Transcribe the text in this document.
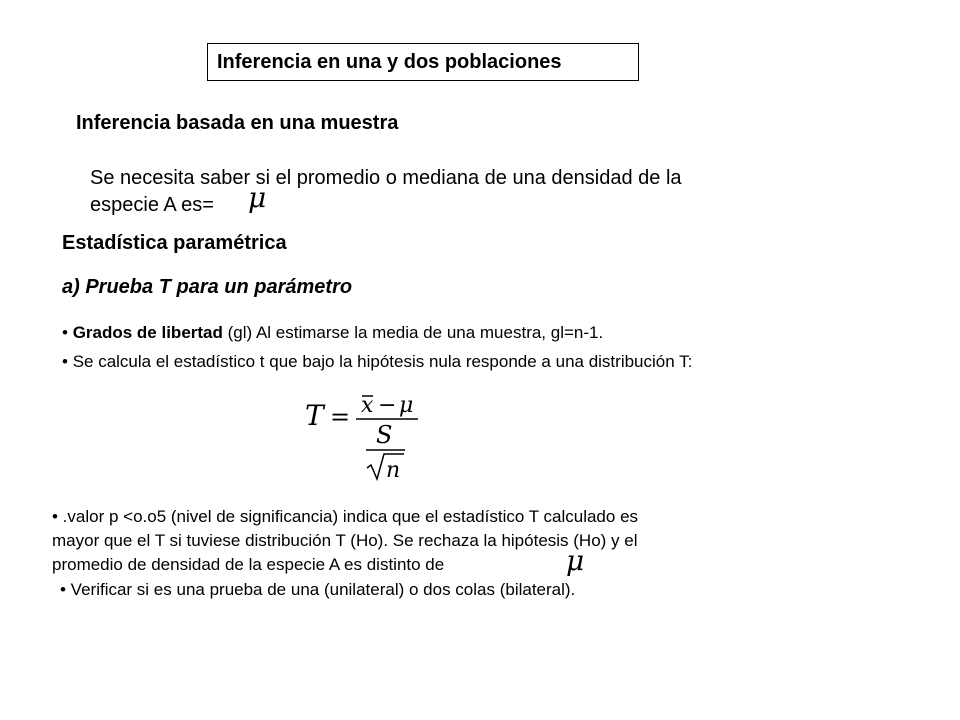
Inferencia en una y dos poblaciones
Inferencia basada en una muestra
Se necesita saber si el promedio o mediana de una densidad de la
especie A es=	μ
Estadística paramétrica
a) Prueba T para un parámetro
• Grados de libertad (gl) Al estimarse la media de una muestra, gl=n-1.
• Se calcula el estadístico t que bajo la hipótesis nula responde a una distribución T:
T = x − μ
S
n
• .valor p <o.o5 (nivel de significancia) indica que el estadístico T calculado es
mayor que el T si tuviese distribución T (Ho). Se rechaza la hipótesis (Ho) y el
promedio de densidad de la especie A es distinto de	μ
• Verificar si es una prueba de una (unilateral) o dos colas (bilateral).
